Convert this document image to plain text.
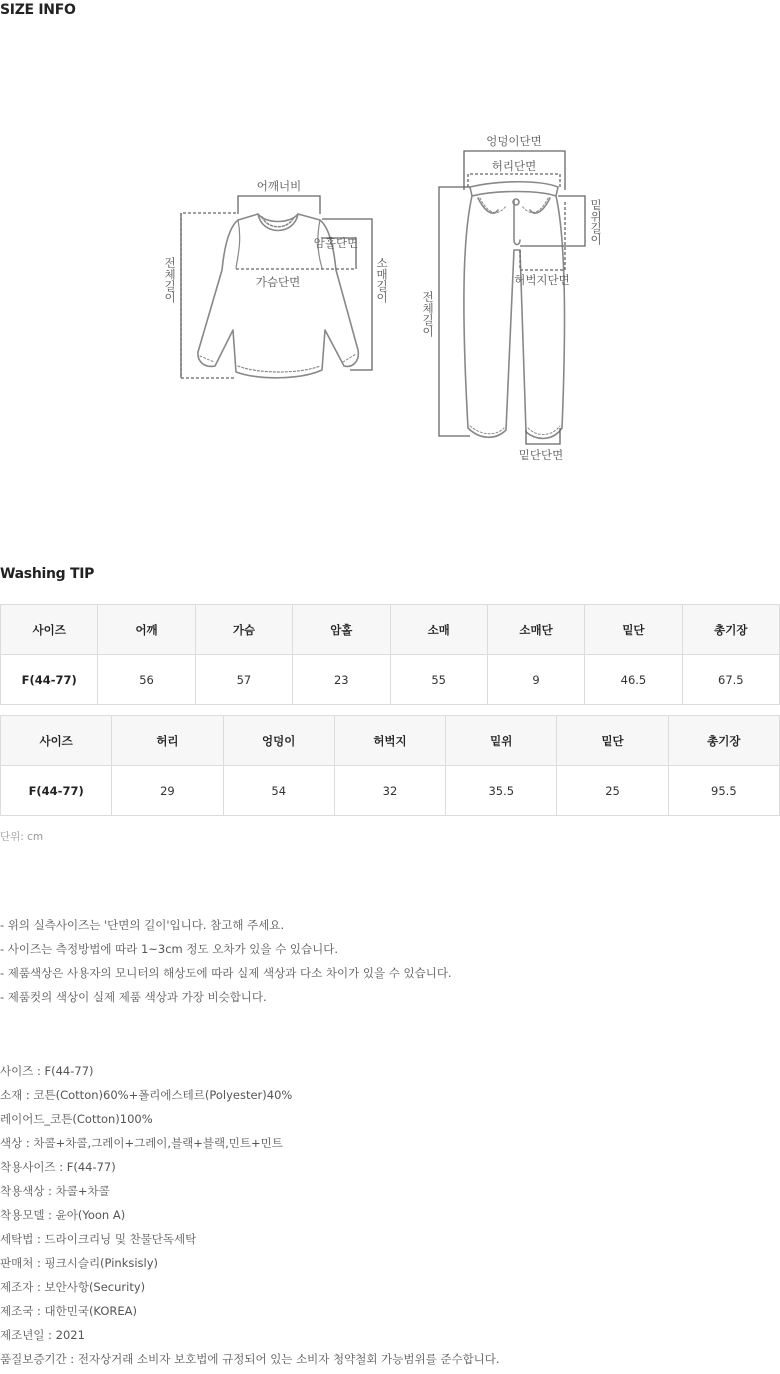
SIZE INFO
어깨너비
암홀단면
가슴단면
전체길이	소매길이
엉덩이단면
허리단면
밑위길이
허벅지단면
전체길이
밑단단면
Washing TIP
사이즈	어깨	가슴	암홀	소매	소매단	밑단	총기장
F(44-77)	56	57	23	55	9	46.5	67.5
사이즈	허리	엉덩이	허벅지	밑위	밑단	총기장
F(44-77)	29	54	32	35.5	25	95.5
단위: cm
- 위의 실측사이즈는 '단면의 길이'입니다. 참고해 주세요.
- 사이즈는 측정방법에 따라 1~3cm 정도 오차가 있을 수 있습니다.
- 제품색상은 사용자의 모니터의 해상도에 따라 실제 색상과 다소 차이가 있을 수 있습니다.
- 제품컷의 색상이 실제 제품 색상과 가장 비슷합니다.
사이즈 : F(44-77)
소재 : 코튼(Cotton)60%+폴리에스테르(Polyester)40%
레이어드_코튼(Cotton)100%
색상 : 차콜+차콜,그레이+그레이,블랙+블랙,민트+민트
착용사이즈 : F(44-77)
착용색상 : 차콜+차콜
착용모델 : 윤아(Yoon A)
세탁법 : 드라이크리닝 및 찬물단독세탁
판매처 : 핑크시슬리(Pinksisly)
제조자 : 보안사항(Security)
제조국 : 대한민국(KOREA)
제조년일 : 2021
품질보증기간 : 전자상거래 소비자 보호법에 규정되어 있는 소비자 청약철회 가능범위를 준수합니다.
